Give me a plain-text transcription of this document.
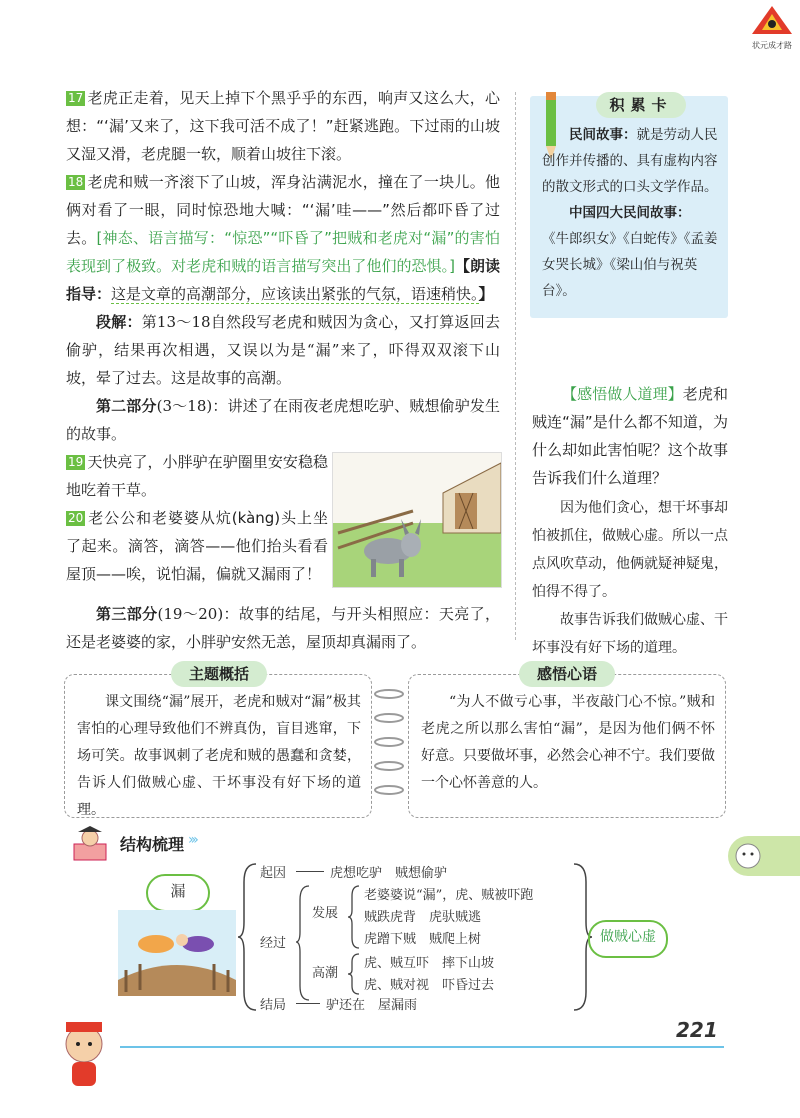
状元成才路

17 老虎正走着，见天上掉下个黑乎乎的东西，响声又这么大，心想：“‘漏’又来了，这下我可活不成了！”赶紧逃跑。下过雨的山坡又湿又滑，老虎腿一软，顺着山坡往下滚。

18 老虎和贼一齐滚下了山坡，浑身沾满泥水，撞在了一块儿。他俩对看了一眼，同时惊恐地大喊：“‘漏’哇——”然后都吓昏了过去。[神态、语言描写：“惊恐”“吓昏了”把贼和老虎对“漏”的害怕表现到了极致。对老虎和贼的语言描写突出了他们的恐惧。]【朗读指导：这是文章的高潮部分，应该读出紧张的气氛，语速稍快。】

段解：第13～18自然段写老虎和贼因为贪心，又打算返回去偷驴，结果再次相遇，又误以为是“漏”来了，吓得双双滚下山坡，晕了过去。这是故事的高潮。

第二部分(3～18)：讲述了在雨夜老虎想吃驴、贼想偷驴发生的故事。

19 天快亮了，小胖驴在驴圈里安安稳稳地吃着干草。

20 老公公和老婆婆从炕(kàng)头上坐了起来。滴答，滴答——他们抬头看看屋顶——唉，说怕漏，偏就又漏雨了！

第三部分(19～20)：故事的结尾，与开头相照应：天亮了，还是老婆婆的家，小胖驴安然无恙，屋顶却真漏雨了。

积累卡

民间故事：就是劳动人民创作并传播的、具有虚构内容的散文形式的口头文学作品。

中国四大民间故事：

《牛郎织女》《白蛇传》《孟姜女哭长城》《梁山伯与祝英台》。

【感悟做人道理】老虎和贼连“漏”是什么都不知道，为什么却如此害怕呢？这个故事告诉我们什么道理？

因为他们贪心，想干坏事却怕被抓住，做贼心虚。所以一点点风吹草动，他俩就疑神疑鬼，怕得不得了。

故事告诉我们做贼心虚、干坏事没有好下场的道理。

主题概括

课文围绕“漏”展开，老虎和贼对“漏”极其害怕的心理导致他们不辨真伪，盲目逃窜，下场可笑。故事讽刺了老虎和贼的愚蠢和贪婪，告诉人们做贼心虚、干坏事没有好下场的道理。

感悟心语

“为人不做亏心事，半夜敲门心不惊。”贼和老虎之所以那么害怕“漏”，是因为他们俩不怀好意。只要做坏事，必然会心神不宁。我们要做一个心怀善意的人。

结构梳理 ›››
漏
起因	虎想吃驴　贼想偷驴
经过
发展
老婆婆说“漏”，虎、贼被吓跑
贼跌虎背　虎驮贼逃
虎蹭下贼　贼爬上树
高潮
虎、贼互吓　摔下山坡
虎、贼对视　吓昏过去
结局	驴还在　屋漏雨
做贼心虚
221
